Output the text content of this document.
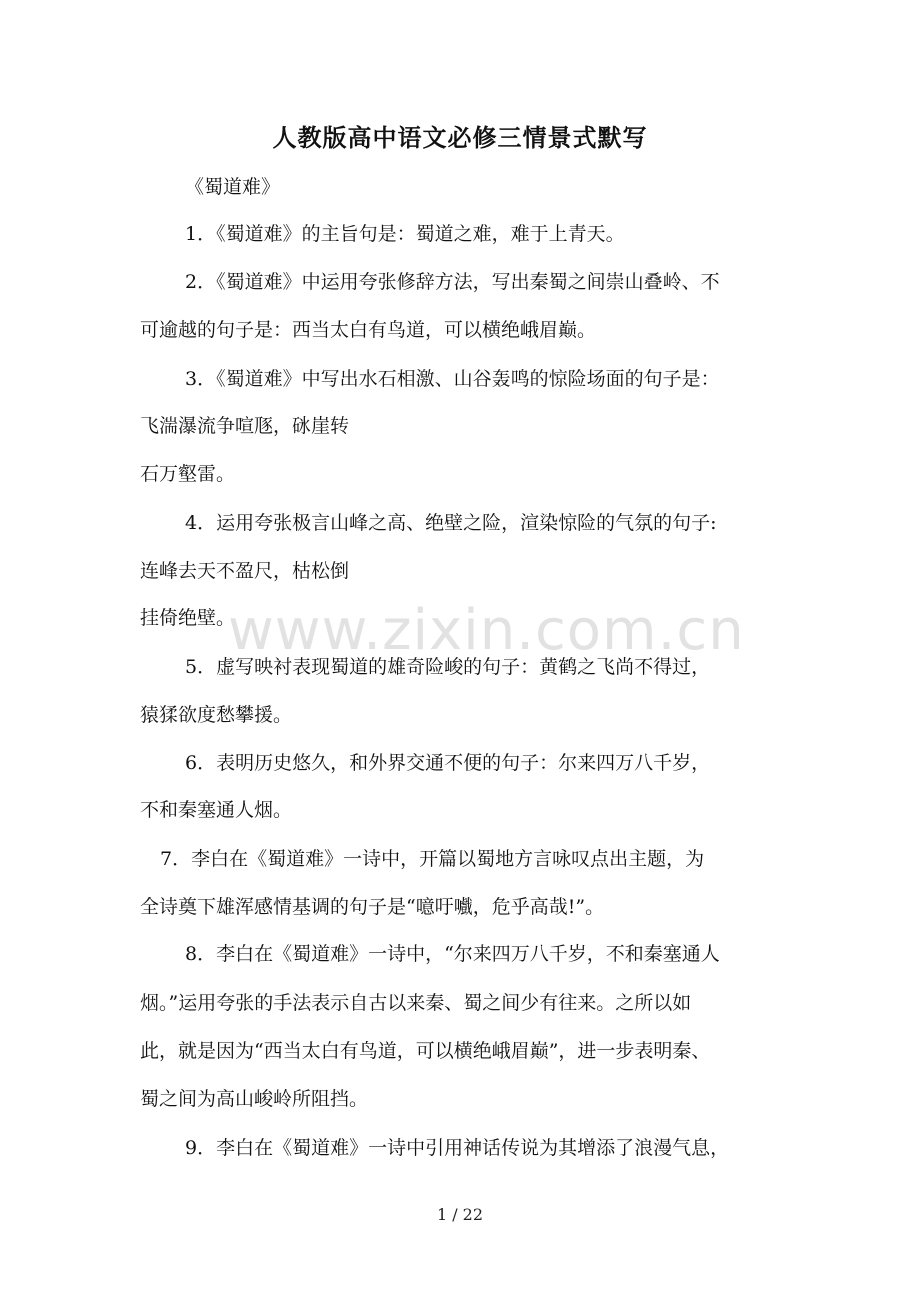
人教版高中语文必修三情景式默写

《蜀道难》

1．《蜀道难》的主旨句是：蜀道之难，难于上青天。

2．《蜀道难》中运用夸张修辞方法，写出秦蜀之间崇山叠岭、不

可逾越的句子是：西当太白有鸟道，可以横绝峨眉巅。

3．《蜀道难》中写出水石相激、山谷轰鸣的惊险场面的句子是：

飞湍瀑流争喧豗，砯崖转

石万壑雷。

4．运用夸张极言山峰之高、绝壁之险，渲染惊险的气氛的句子:

连峰去天不盈尺，枯松倒

挂倚绝壁。

5．虚写映衬表现蜀道的雄奇险峻的句子：黄鹤之飞尚不得过，

猿猱欲度愁攀援。

6．表明历史悠久，和外界交通不便的句子：尔来四万八千岁，

不和秦塞通人烟。

7．李白在《蜀道难》一诗中，开篇以蜀地方言咏叹点出主题，为

全诗奠下雄浑感情基调的句子是“噫吁嚱，危乎高哉!”。

8．李白在《蜀道难》一诗中，“尔来四万八千岁，不和秦塞通人

烟。”运用夸张的手法表示自古以来秦、蜀之间少有往来。之所以如

此，就是因为“西当太白有鸟道，可以横绝峨眉巅”，进一步表明秦、

蜀之间为高山峻岭所阻挡。

9．李白在《蜀道难》一诗中引用神话传说为其增添了浪漫气息，

www.zixin.com.cn
1 / 22
